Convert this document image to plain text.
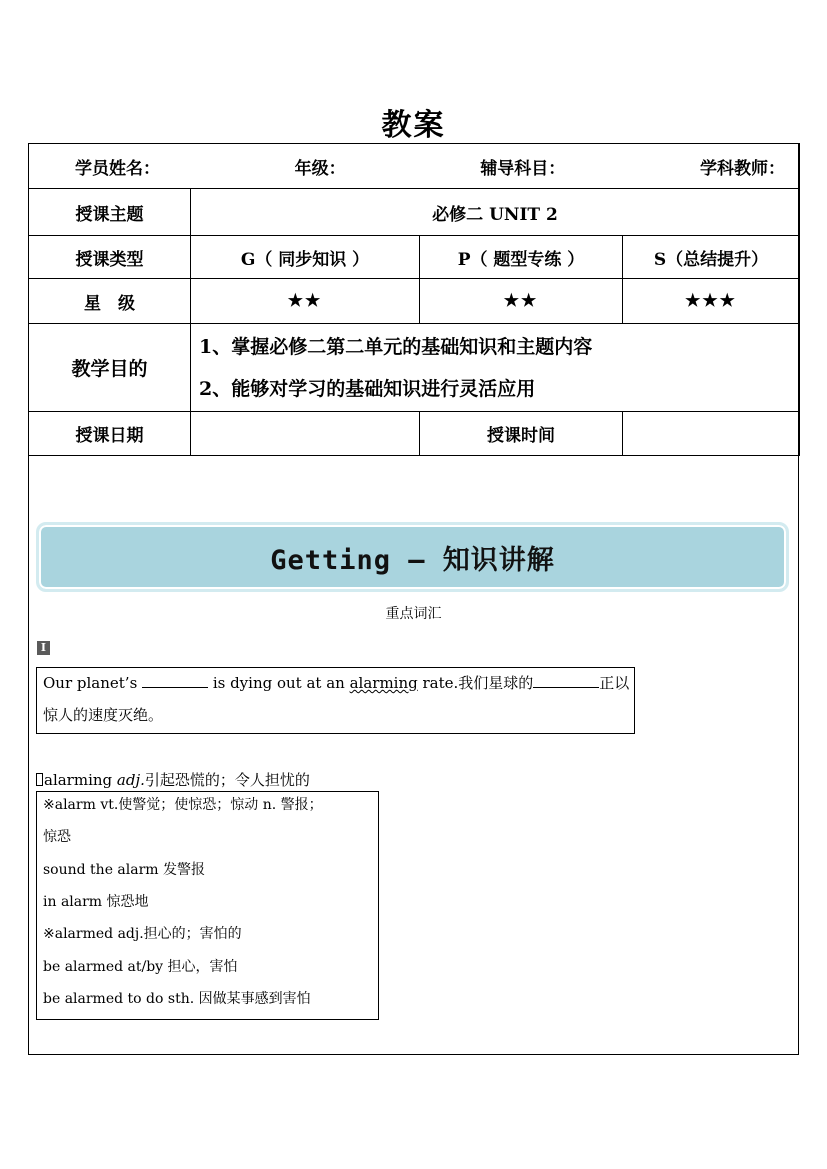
教案
学员姓名： 年级： 辅导科目： 学科教师：			

授课主题	必修二 UNIT 2		
授课类型	G（ 同步知识 ）	P（ 题型专练 ）	S（总结提升）
星　级	★★	★★	★★★
教学目的	1、掌握必修二第二单元的基础知识和主题内容
2、能够对学习的基础知识进行灵活应用		

授课日期		授课时间	
Getting — 知识讲解
重点词汇
Ⅰ
Our planet’s	is dying out at an alarming rate.我们星球的	正以
惊人的速度灭绝。
alarming adj.引起恐慌的；令人担忧的
※alarm vt.使警觉；使惊恐；惊动 n. 警报；
惊恐
sound the alarm 发警报
in alarm 惊恐地
※alarmed adj.担心的；害怕的
be alarmed at/by 担心，害怕
be alarmed to do sth. 因做某事感到害怕
